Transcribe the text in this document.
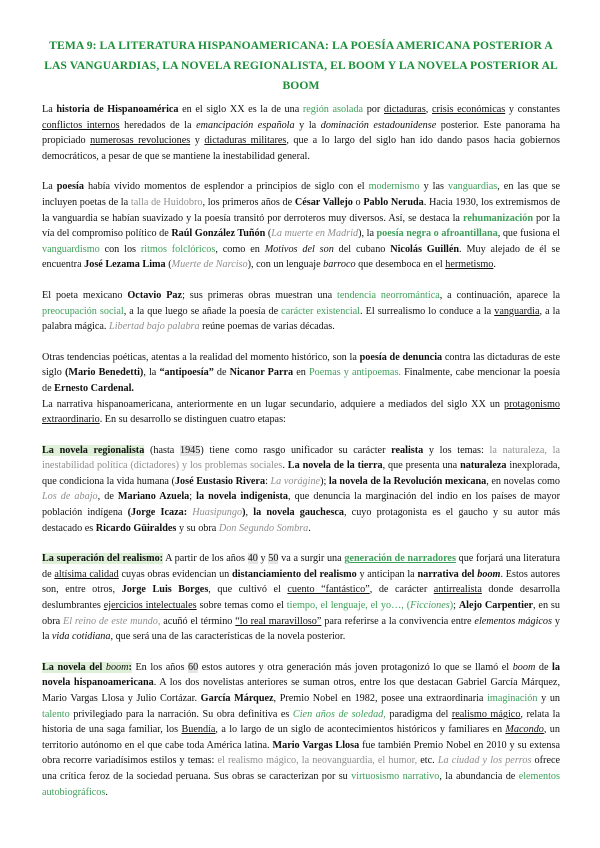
TEMA 9: LA LITERATURA HISPANOAMERICANA: LA POESÍA AMERICANA POSTERIOR A LAS VANGUARDIAS, LA NOVELA REGIONALISTA, EL BOOM Y LA NOVELA POSTERIOR AL BOOM

La historia de Hispanoamérica en el siglo XX es la de una región asolada por dictaduras, crisis económicas y constantes conflictos internos heredados de la emancipación española y la dominación estadounidense posterior. Este panorama ha propiciado numerosas revoluciones y dictaduras militares, que a lo largo del siglo han ido dando pasos hacia gobiernos democráticos, a pesar de que se mantiene la inestabilidad general.

La poesía había vivido momentos de esplendor a principios de siglo con el modernismo y las vanguardias, en las que se incluyen poetas de la talla de Huidobro, los primeros años de César Vallejo o Pablo Neruda. Hacia 1930, los extremismos de la vanguardia se habían suavizado y la poesía transitó por derroteros muy diversos. Así, se destaca la rehumanización por la vía del compromiso político de Raúl González Tuñón (La muerte en Madrid), la poesía negra o afroantillana, que fusiona el vanguardismo con los ritmos folclóricos, como en Motivos del son del cubano Nicolás Guillén. Muy alejado de él se encuentra José Lezama Lima (Muerte de Narciso), con un lenguaje barroco que desemboca en el hermetismo.

El poeta mexicano Octavio Paz; sus primeras obras muestran una tendencia neorromántica, a continuación, aparece la preocupación social, a la que luego se añade la poesía de carácter existencial. El surrealismo lo conduce a la vanguardia, a la palabra mágica. Libertad bajo palabra reúne poemas de varias décadas.

Otras tendencias poéticas, atentas a la realidad del momento histórico, son la poesía de denuncia contra las dictaduras de este siglo (Mario Benedetti), la “antipoesía” de Nicanor Parra en Poemas y antipoemas. Finalmente, cabe mencionar la poesía de Ernesto Cardenal.

La narrativa hispanoamericana, anteriormente en un lugar secundario, adquiere a mediados del siglo XX un protagonismo extraordinario. En su desarrollo se distinguen cuatro etapas:

La novela regionalista (hasta 1945) tiene como rasgo unificador su carácter realista y los temas: la naturaleza, la inestabilidad política (dictadores) y los problemas sociales. La novela de la tierra, que presenta una naturaleza inexplorada, que condiciona la vida humana (José Eustasio Rivera: La vorágine); la novela de la Revolución mexicana, en novelas como Los de abajo, de Mariano Azuela; la novela indigenista, que denuncia la marginación del indio en los países de mayor población indígena (Jorge Icaza: Huasipungo), la novela gauchesca, cuyo protagonista es el gaucho y su autor más destacado es Ricardo Güiraldes y su obra Don Segundo Sombra.

La superación del realismo: A partir de los años 40 y 50 va a surgir una generación de narradores que forjará una literatura de altísima calidad cuyas obras evidencian un distanciamiento del realismo y anticipan la narrativa del boom. Estos autores son, entre otros, Jorge Luis Borges, que cultivó el cuento “fantástico”, de carácter antirrealista donde desarrolla deslumbrantes ejercicios intelectuales sobre temas como el tiempo, el lenguaje, el yo…, (Ficciones); Alejo Carpentier, en su obra El reino de este mundo, acuñó el término “lo real maravilloso” para referirse a la convivencia entre elementos mágicos y la vida cotidiana, que será una de las características de la novela posterior.

La novela del boom: En los años 60 estos autores y otra generación más joven protagonizó lo que se llamó el boom de la novela hispanoamericana. A los dos novelistas anteriores se suman otros, entre los que destacan Gabriel García Márquez, Mario Vargas Llosa y Julio Cortázar. García Márquez, Premio Nobel en 1982, posee una extraordinaria imaginación y un talento privilegiado para la narración. Su obra definitiva es Cien años de soledad, paradigma del realismo mágico, relata la historia de una saga familiar, los Buendía, a lo largo de un siglo de acontecimientos históricos y familiares en Macondo, un territorio autónomo en el que cabe toda América latina. Mario Vargas Llosa fue también Premio Nobel en 2010 y su extensa obra recorre variadísimos estilos y temas: el realismo mágico, la neovanguardia, el humor, etc. La ciudad y los perros ofrece una crítica feroz de la sociedad peruana. Sus obras se caracterizan por su virtuosismo narrativo, la abundancia de elementos autobiográficos.
